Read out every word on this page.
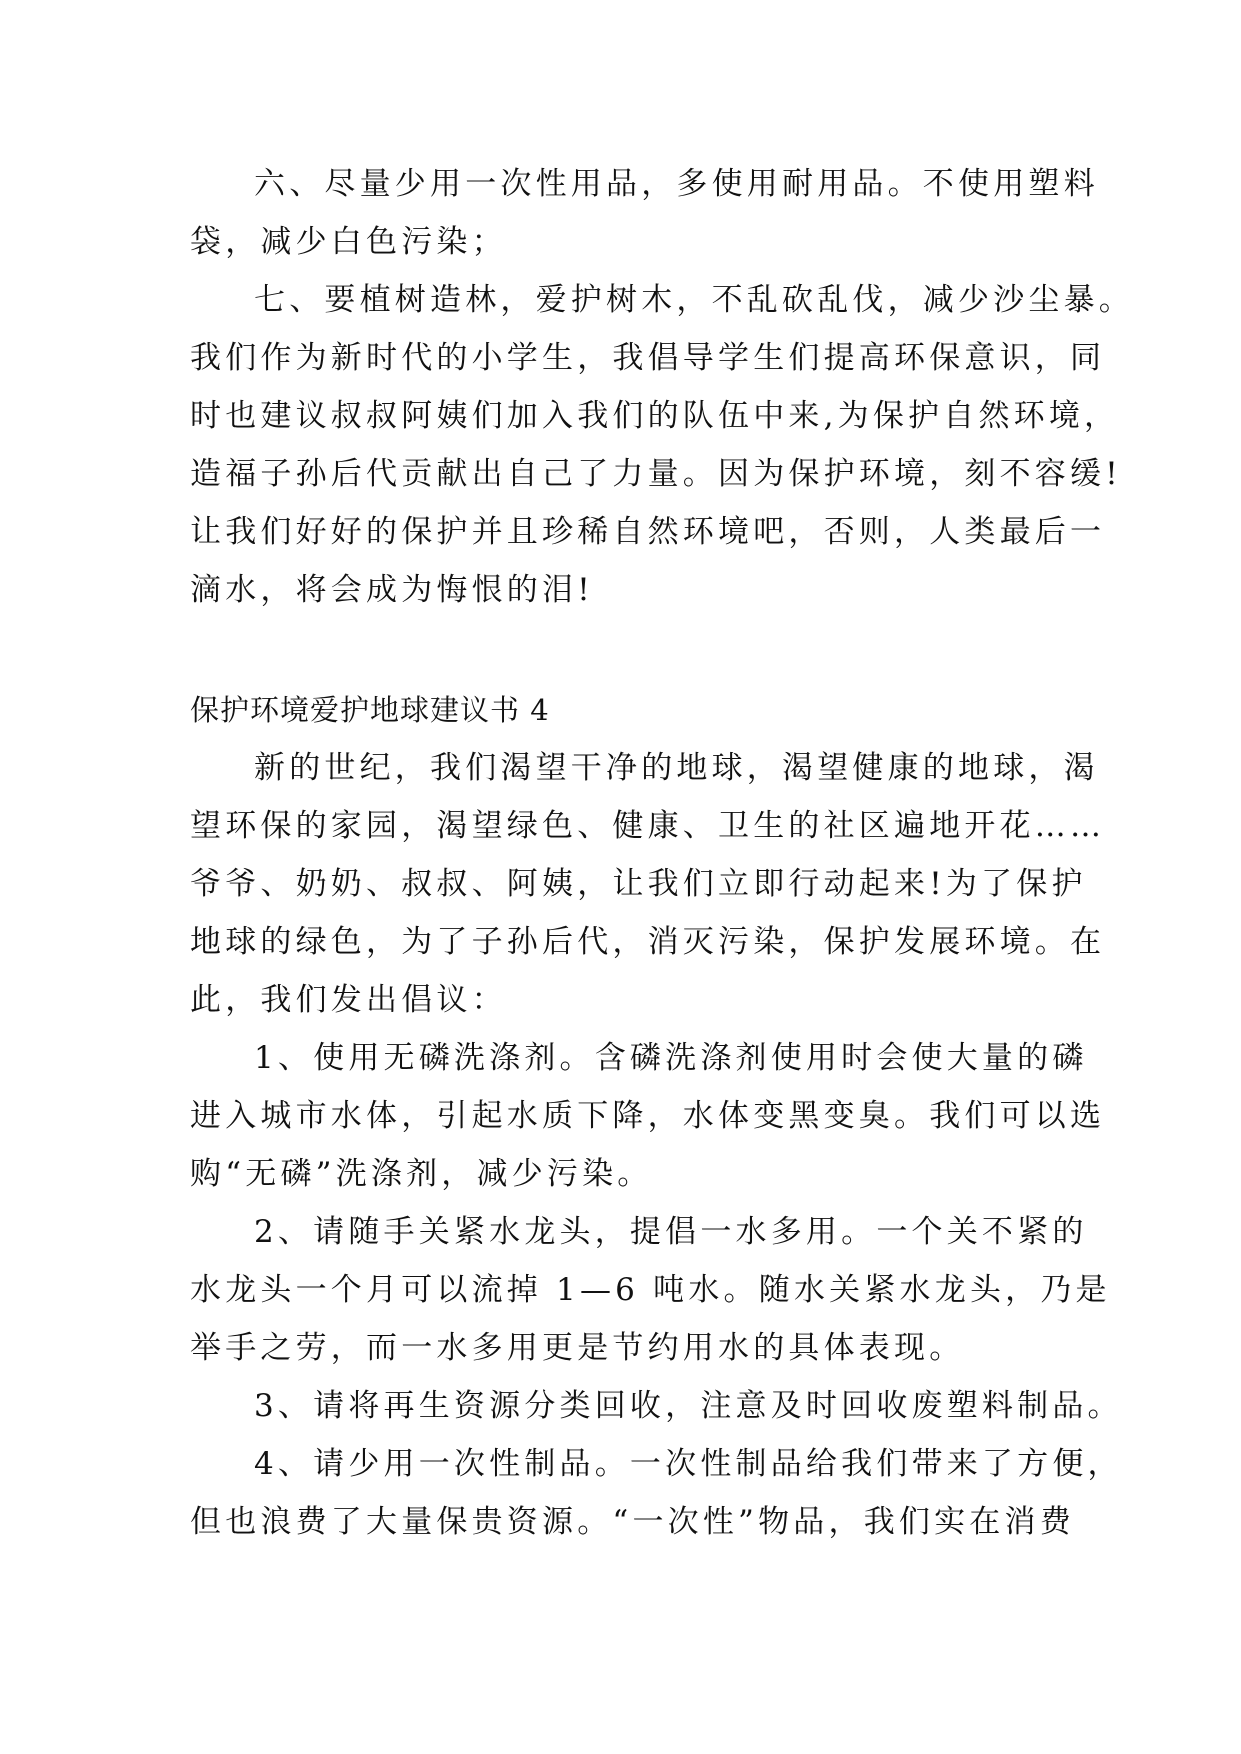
六、尽量少用一次性用品，多使用耐用品。不使用塑料
袋，减少白色污染；
七、要植树造林，爱护树木，不乱砍乱伐，减少沙尘暴。
我们作为新时代的小学生，我倡导学生们提高环保意识，同
时也建议叔叔阿姨们加入我们的队伍中来,为保护自然环境，
造福子孙后代贡献出自己了力量。因为保护环境，刻不容缓!
让我们好好的保护并且珍稀自然环境吧，否则，人类最后一
滴水，将会成为悔恨的泪!
保护环境爱护地球建议书 4
新的世纪，我们渴望干净的地球，渴望健康的地球，渴
望环保的家园，渴望绿色、健康、卫生的社区遍地开花……
爷爷、奶奶、叔叔、阿姨，让我们立即行动起来!为了保护
地球的绿色，为了子孙后代，消灭污染，保护发展环境。在
此，我们发出倡议：
1、使用无磷洗涤剂。含磷洗涤剂使用时会使大量的磷
进入城市水体，引起水质下降，水体变黑变臭。我们可以选
购“无磷”洗涤剂，减少污染。
2、请随手关紧水龙头，提倡一水多用。一个关不紧的
水龙头一个月可以流掉 1—6 吨水。随水关紧水龙头，乃是
举手之劳，而一水多用更是节约用水的具体表现。
3、请将再生资源分类回收，注意及时回收废塑料制品。
4、请少用一次性制品。一次性制品给我们带来了方便，
但也浪费了大量保贵资源。“一次性”物品，我们实在消费
